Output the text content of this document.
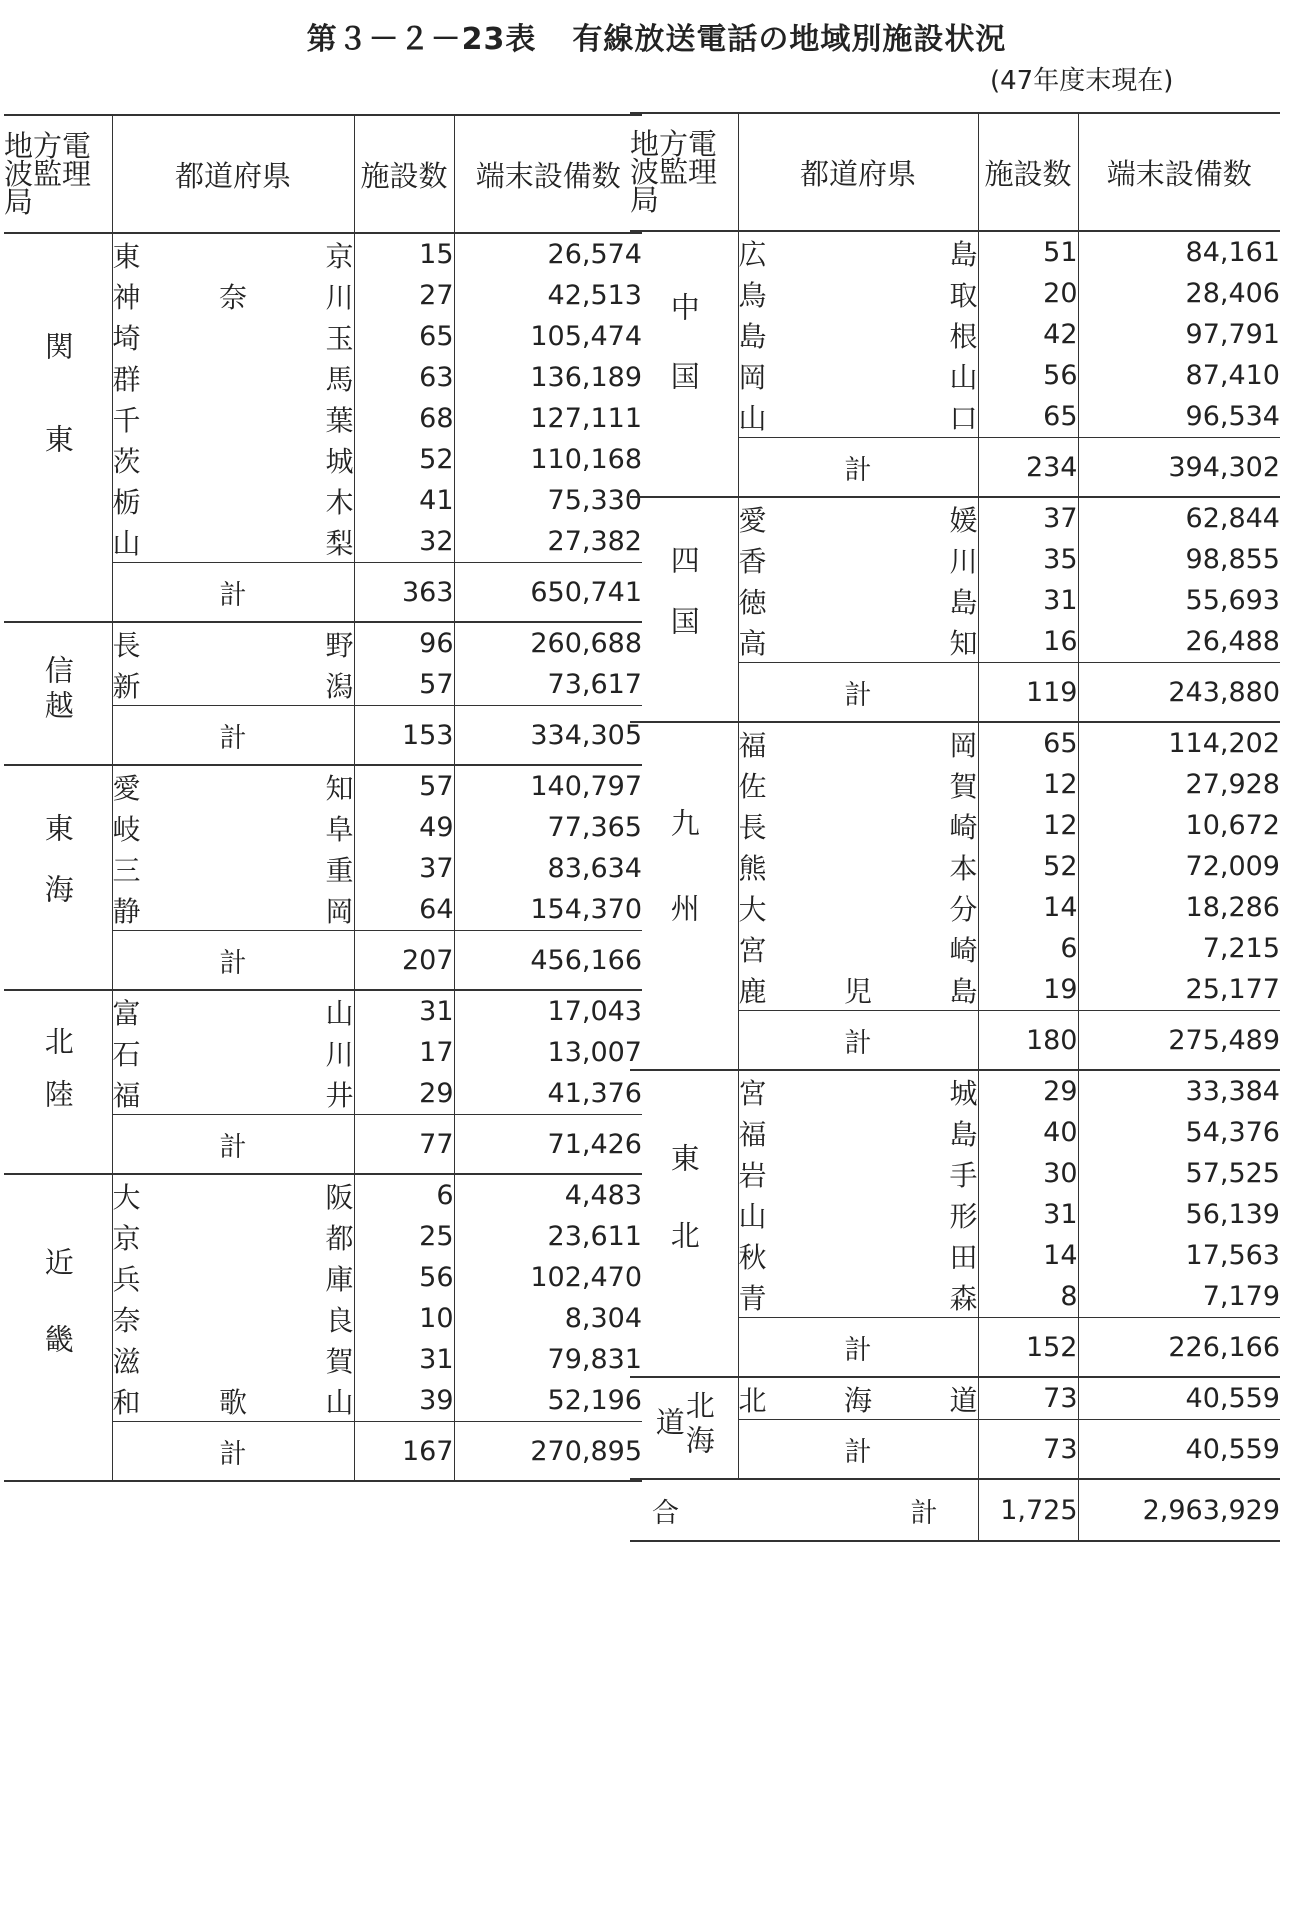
第３－２－23表 有線放送電話の地域別施設状況
(47年度末現在)
地方電波監理局	都道府県	施設数	端末設備数
関東	東 京	15	26,574

	神 奈 川	27	42,513

	埼 玉	65	105,474

	群 馬	63	136,189

	千 葉	68	127,111

	茨 城	52	110,168

	栃 木	41	75,330

	山 梨	32	27,382
	計	363	650,741
信越	長 野	96	260,688

	新 潟	57	73,617
	計	153	334,305
東海	愛 知	57	140,797

	岐 阜	49	77,365

	三 重	37	83,634

	静 岡	64	154,370
	計	207	456,166
北陸	富 山	31	17,043

	石 川	17	13,007

	福 井	29	41,376
	計	77	71,426
近畿	大 阪	6	4,483

	京 都	25	23,611

	兵 庫	56	102,470

	奈 良	10	8,304

	滋 賀	31	79,831

	和 歌 山	39	52,196
	計	167	270,895
地方電波監理局	都道府県	施設数	端末設備数
中国	広 島	51	84,161

	鳥 取	20	28,406

	島 根	42	97,791

	岡 山	56	87,410

	山 口	65	96,534
	計	234	394,302
四国	愛 媛	37	62,844

	香 川	35	98,855

	徳 島	31	55,693

	高 知	16	26,488
	計	119	243,880
九州	福 岡	65	114,202

	佐 賀	12	27,928

	長 崎	12	10,672

	熊 本	52	72,009

	大 分	14	18,286

	宮 崎	6	7,215

	鹿 児 島	19	25,177
	計	180	275,489
東北	宮 城	29	33,384

	福 島	40	54,376

	岩 手	30	57,525

	山 形	31	56,139

	秋 田	14	17,563

	青 森	8	7,179
	計	152	226,166
北海道	北 海 道	73	40,559
	計	73	40,559
合	計	1,725	2,963,929
